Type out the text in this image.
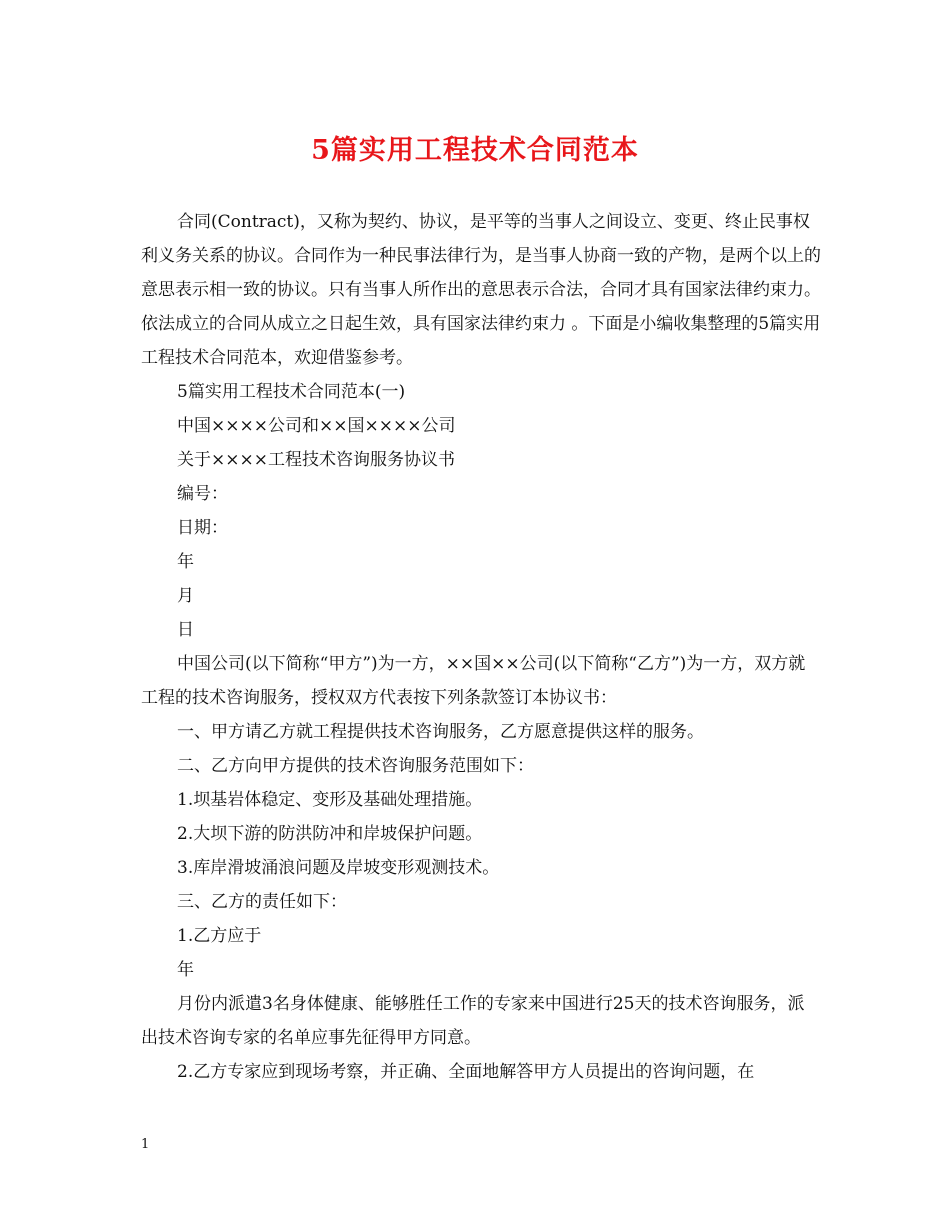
5篇实用工程技术合同范本

合同(Contract)，又称为契约、协议，是平等的当事人之间设立、变更、终止民事权利义务关系的协议。合同作为一种民事法律行为，是当事人协商一致的产物，是两个以上的意思表示相一致的协议。只有当事人所作出的意思表示合法，合同才具有国家法律约束力。依法成立的合同从成立之日起生效，具有国家法律约束力 。下面是小编收集整理的5篇实用工程技术合同范本，欢迎借鉴参考。

5篇实用工程技术合同范本(一)

中国××××公司和××国××××公司

关于××××工程技术咨询服务协议书

编号：

日期：

年

月

日

中国公司(以下简称“甲方”)为一方，××国××公司(以下简称“乙方”)为一方，双方就工程的技术咨询服务，授权双方代表按下列条款签订本协议书：

一、甲方请乙方就工程提供技术咨询服务，乙方愿意提供这样的服务。

二、乙方向甲方提供的技术咨询服务范围如下：

1.坝基岩体稳定、变形及基础处理措施。

2.大坝下游的防洪防冲和岸坡保护问题。

3.库岸滑坡涌浪问题及岸坡变形观测技术。

三、乙方的责任如下：

1.乙方应于

年

月份内派遣3名身体健康、能够胜任工作的专家来中国进行25天的技术咨询服务，派出技术咨询专家的名单应事先征得甲方同意。

2.乙方专家应到现场考察，并正确、全面地解答甲方人员提出的咨询问题，在

1
